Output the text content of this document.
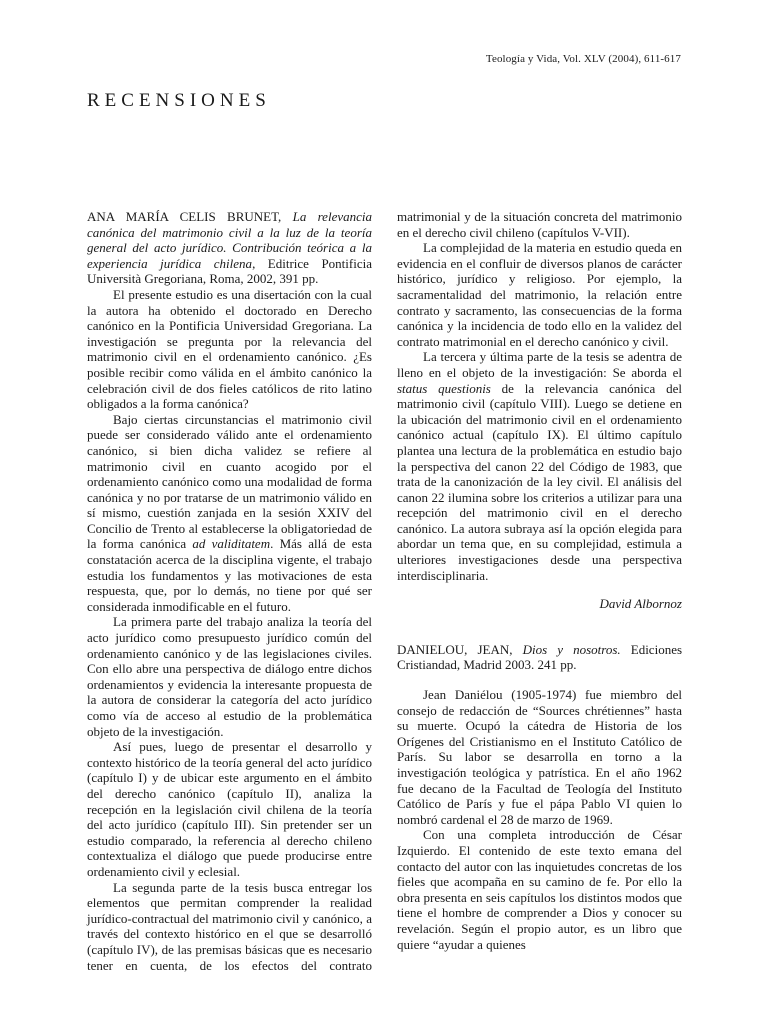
Teología y Vida, Vol. XLV (2004), 611-617
RECENSIONES

ANA MARÍA CELIS BRUNET, La relevancia canónica del matrimonio civil a la luz de la teoría general del acto jurídico. Contribución teórica a la experiencia jurídica chilena, Editrice Pontificia Università Gregoriana, Roma, 2002, 391 pp.

El presente estudio es una disertación con la cual la autora ha obtenido el doctorado en Derecho canónico en la Pontificia Universidad Gregoriana. La investigación se pregunta por la relevancia del matrimonio civil en el ordenamiento canónico. ¿Es posible recibir como válida en el ámbito canónico la celebración civil de dos fieles católicos de rito latino obligados a la forma canónica?

Bajo ciertas circunstancias el matrimonio civil puede ser considerado válido ante el ordenamiento canónico, si bien dicha validez se refiere al matrimonio civil en cuanto acogido por el ordenamiento canónico como una modalidad de forma canónica y no por tratarse de un matrimonio válido en sí mismo, cuestión zanjada en la sesión XXIV del Concilio de Trento al establecerse la obligatoriedad de la forma canónica ad validitatem. Más allá de esta constatación acerca de la disciplina vigente, el trabajo estudia los fundamentos y las motivaciones de esta respuesta, que, por lo demás, no tiene por qué ser considerada inmodificable en el futuro.

La primera parte del trabajo analiza la teoría del acto jurídico como presupuesto jurídico común del ordenamiento canónico y de las legislaciones civiles. Con ello abre una perspectiva de diálogo entre dichos ordenamientos y evidencia la interesante propuesta de la autora de considerar la categoría del acto jurídico como vía de acceso al estudio de la problemática objeto de la investigación.

Así pues, luego de presentar el desarrollo y contexto histórico de la teoría general del acto jurídico (capítulo I) y de ubicar este argumento en el ámbito del derecho canónico (capítulo II), analiza la recepción en la legislación civil chilena de la teoría del acto jurídico (capítulo III). Sin pretender ser un estudio comparado, la referencia al derecho chileno contextualiza el diálogo que puede producirse entre ordenamiento civil y eclesial.

La segunda parte de la tesis busca entregar los elementos que permitan comprender la realidad jurídico-contractual del matrimonio civil y canónico, a través del contexto histórico en el que se desarrolló (capítulo IV), de las premisas básicas que es necesario tener en cuenta, de los efectos del contrato matrimonial y de la situación concreta del matrimonio en el derecho civil chileno (capítulos V-VII).

La complejidad de la materia en estudio queda en evidencia en el confluir de diversos planos de carácter histórico, jurídico y religioso. Por ejemplo, la sacramentalidad del matrimonio, la relación entre contrato y sacramento, las consecuencias de la forma canónica y la incidencia de todo ello en la validez del contrato matrimonial en el derecho canónico y civil.

La tercera y última parte de la tesis se adentra de lleno en el objeto de la investigación: Se aborda el status questionis de la relevancia canónica del matrimonio civil (capítulo VIII). Luego se detiene en la ubicación del matrimonio civil en el ordenamiento canónico actual (capítulo IX). El último capítulo plantea una lectura de la problemática en estudio bajo la perspectiva del canon 22 del Código de 1983, que trata de la canonización de la ley civil. El análisis del canon 22 ilumina sobre los criterios a utilizar para una recepción del matrimonio civil en el derecho canónico. La autora subraya así la opción elegida para abordar un tema que, en su complejidad, estimula a ulteriores investigaciones desde una perspectiva interdisciplinaria.

David Albornoz

DANIELOU, JEAN, Dios y nosotros. Ediciones Cristiandad, Madrid 2003. 241 pp.

Jean Daniélou (1905-1974) fue miembro del consejo de redacción de “Sources chrétiennes” hasta su muerte. Ocupó la cátedra de Historia de los Orígenes del Cristianismo en el Instituto Católico de París. Su labor se desarrolla en torno a la investigación teológica y patrística. En el año 1962 fue decano de la Facultad de Teología del Instituto Católico de París y fue el pápa Pablo VI quien lo nombró cardenal el 28 de marzo de 1969.

Con una completa introducción de César Izquierdo. El contenido de este texto emana del contacto del autor con las inquietudes concretas de los fieles que acompaña en su camino de fe. Por ello la obra presenta en seis capítulos los distintos modos que tiene el hombre de comprender a Dios y conocer su revelación. Según el propio autor, es un libro que quiere “ayudar a quienes
